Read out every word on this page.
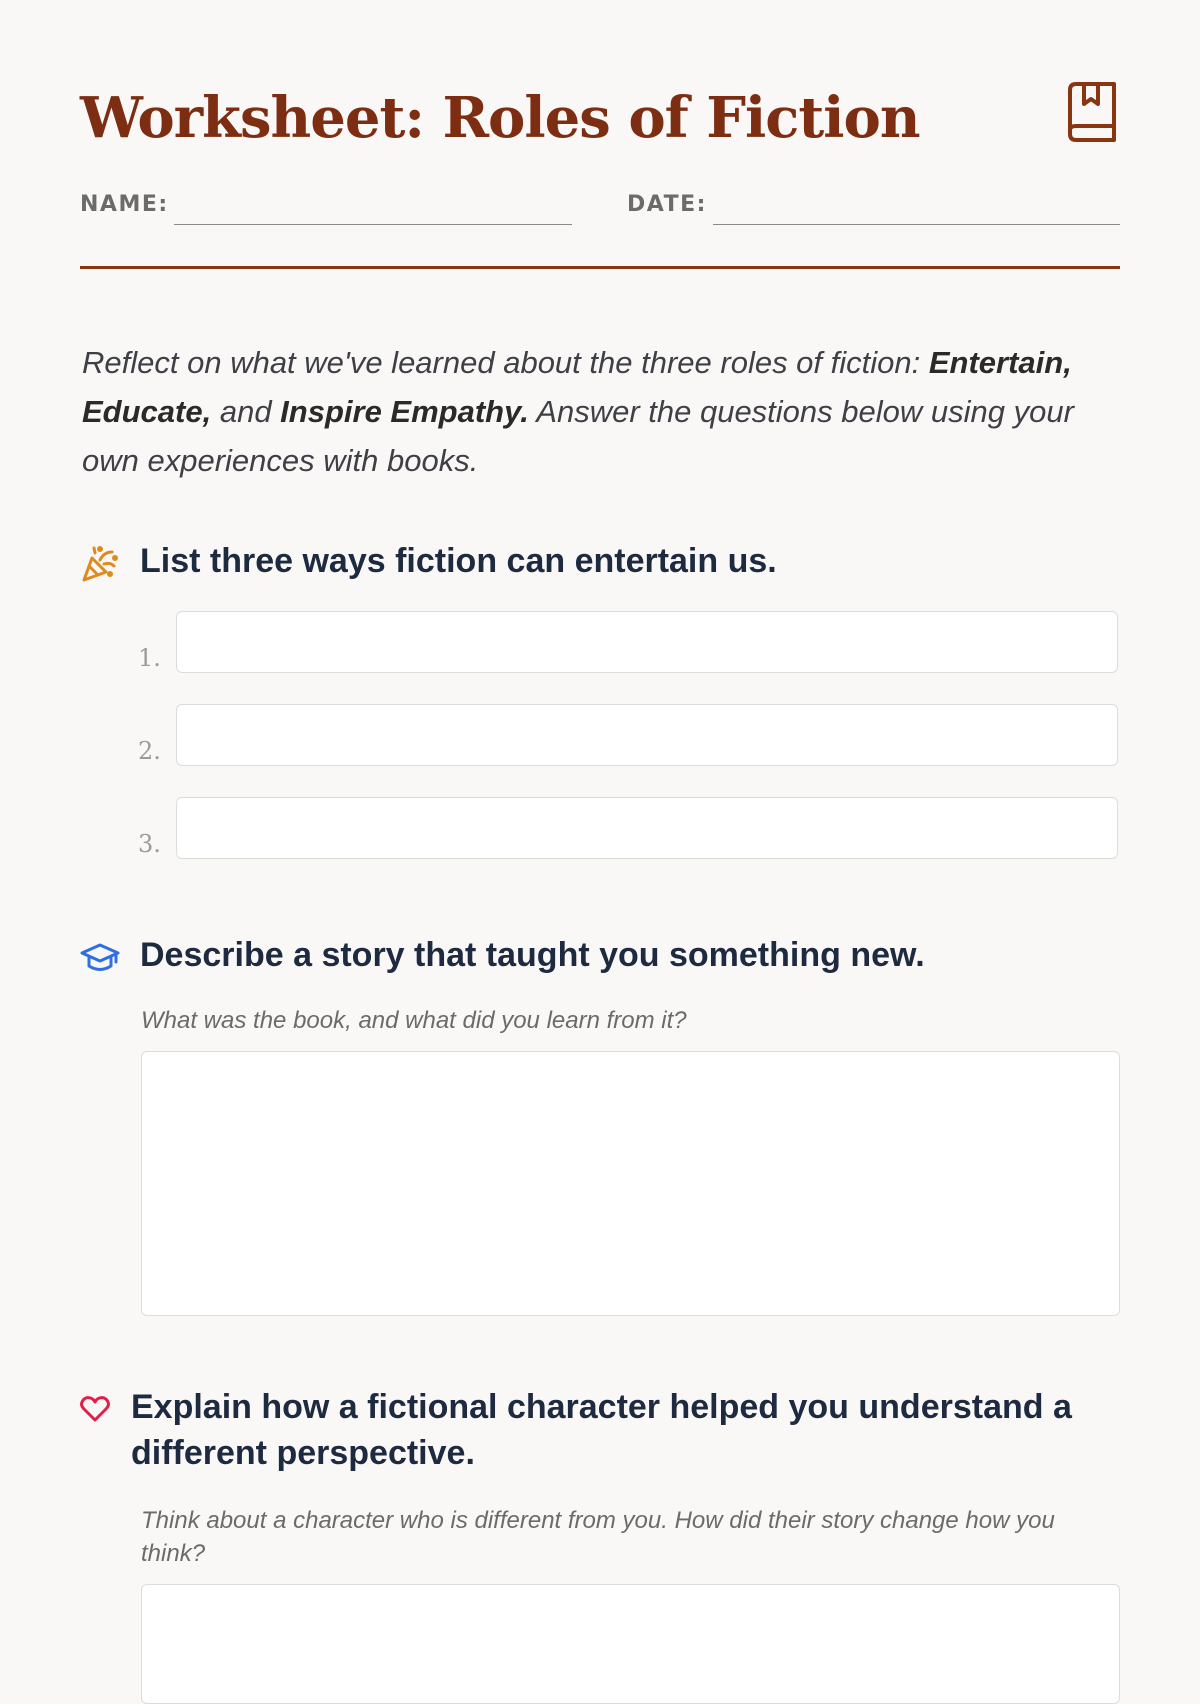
Worksheet: Roles of Fiction
NAME:	DATE:

Reflect on what we've learned about the three roles of fiction: Entertain, Educate, and Inspire Empathy. Answer the questions below using your own experiences with books.

List three ways fiction can entertain us.
1.
2.
3.
Describe a story that taught you something new.

What was the book, and what did you learn from it?

Explain how a fictional character helped you understand a different perspective.

Think about a character who is different from you. How did their story change how you think?
